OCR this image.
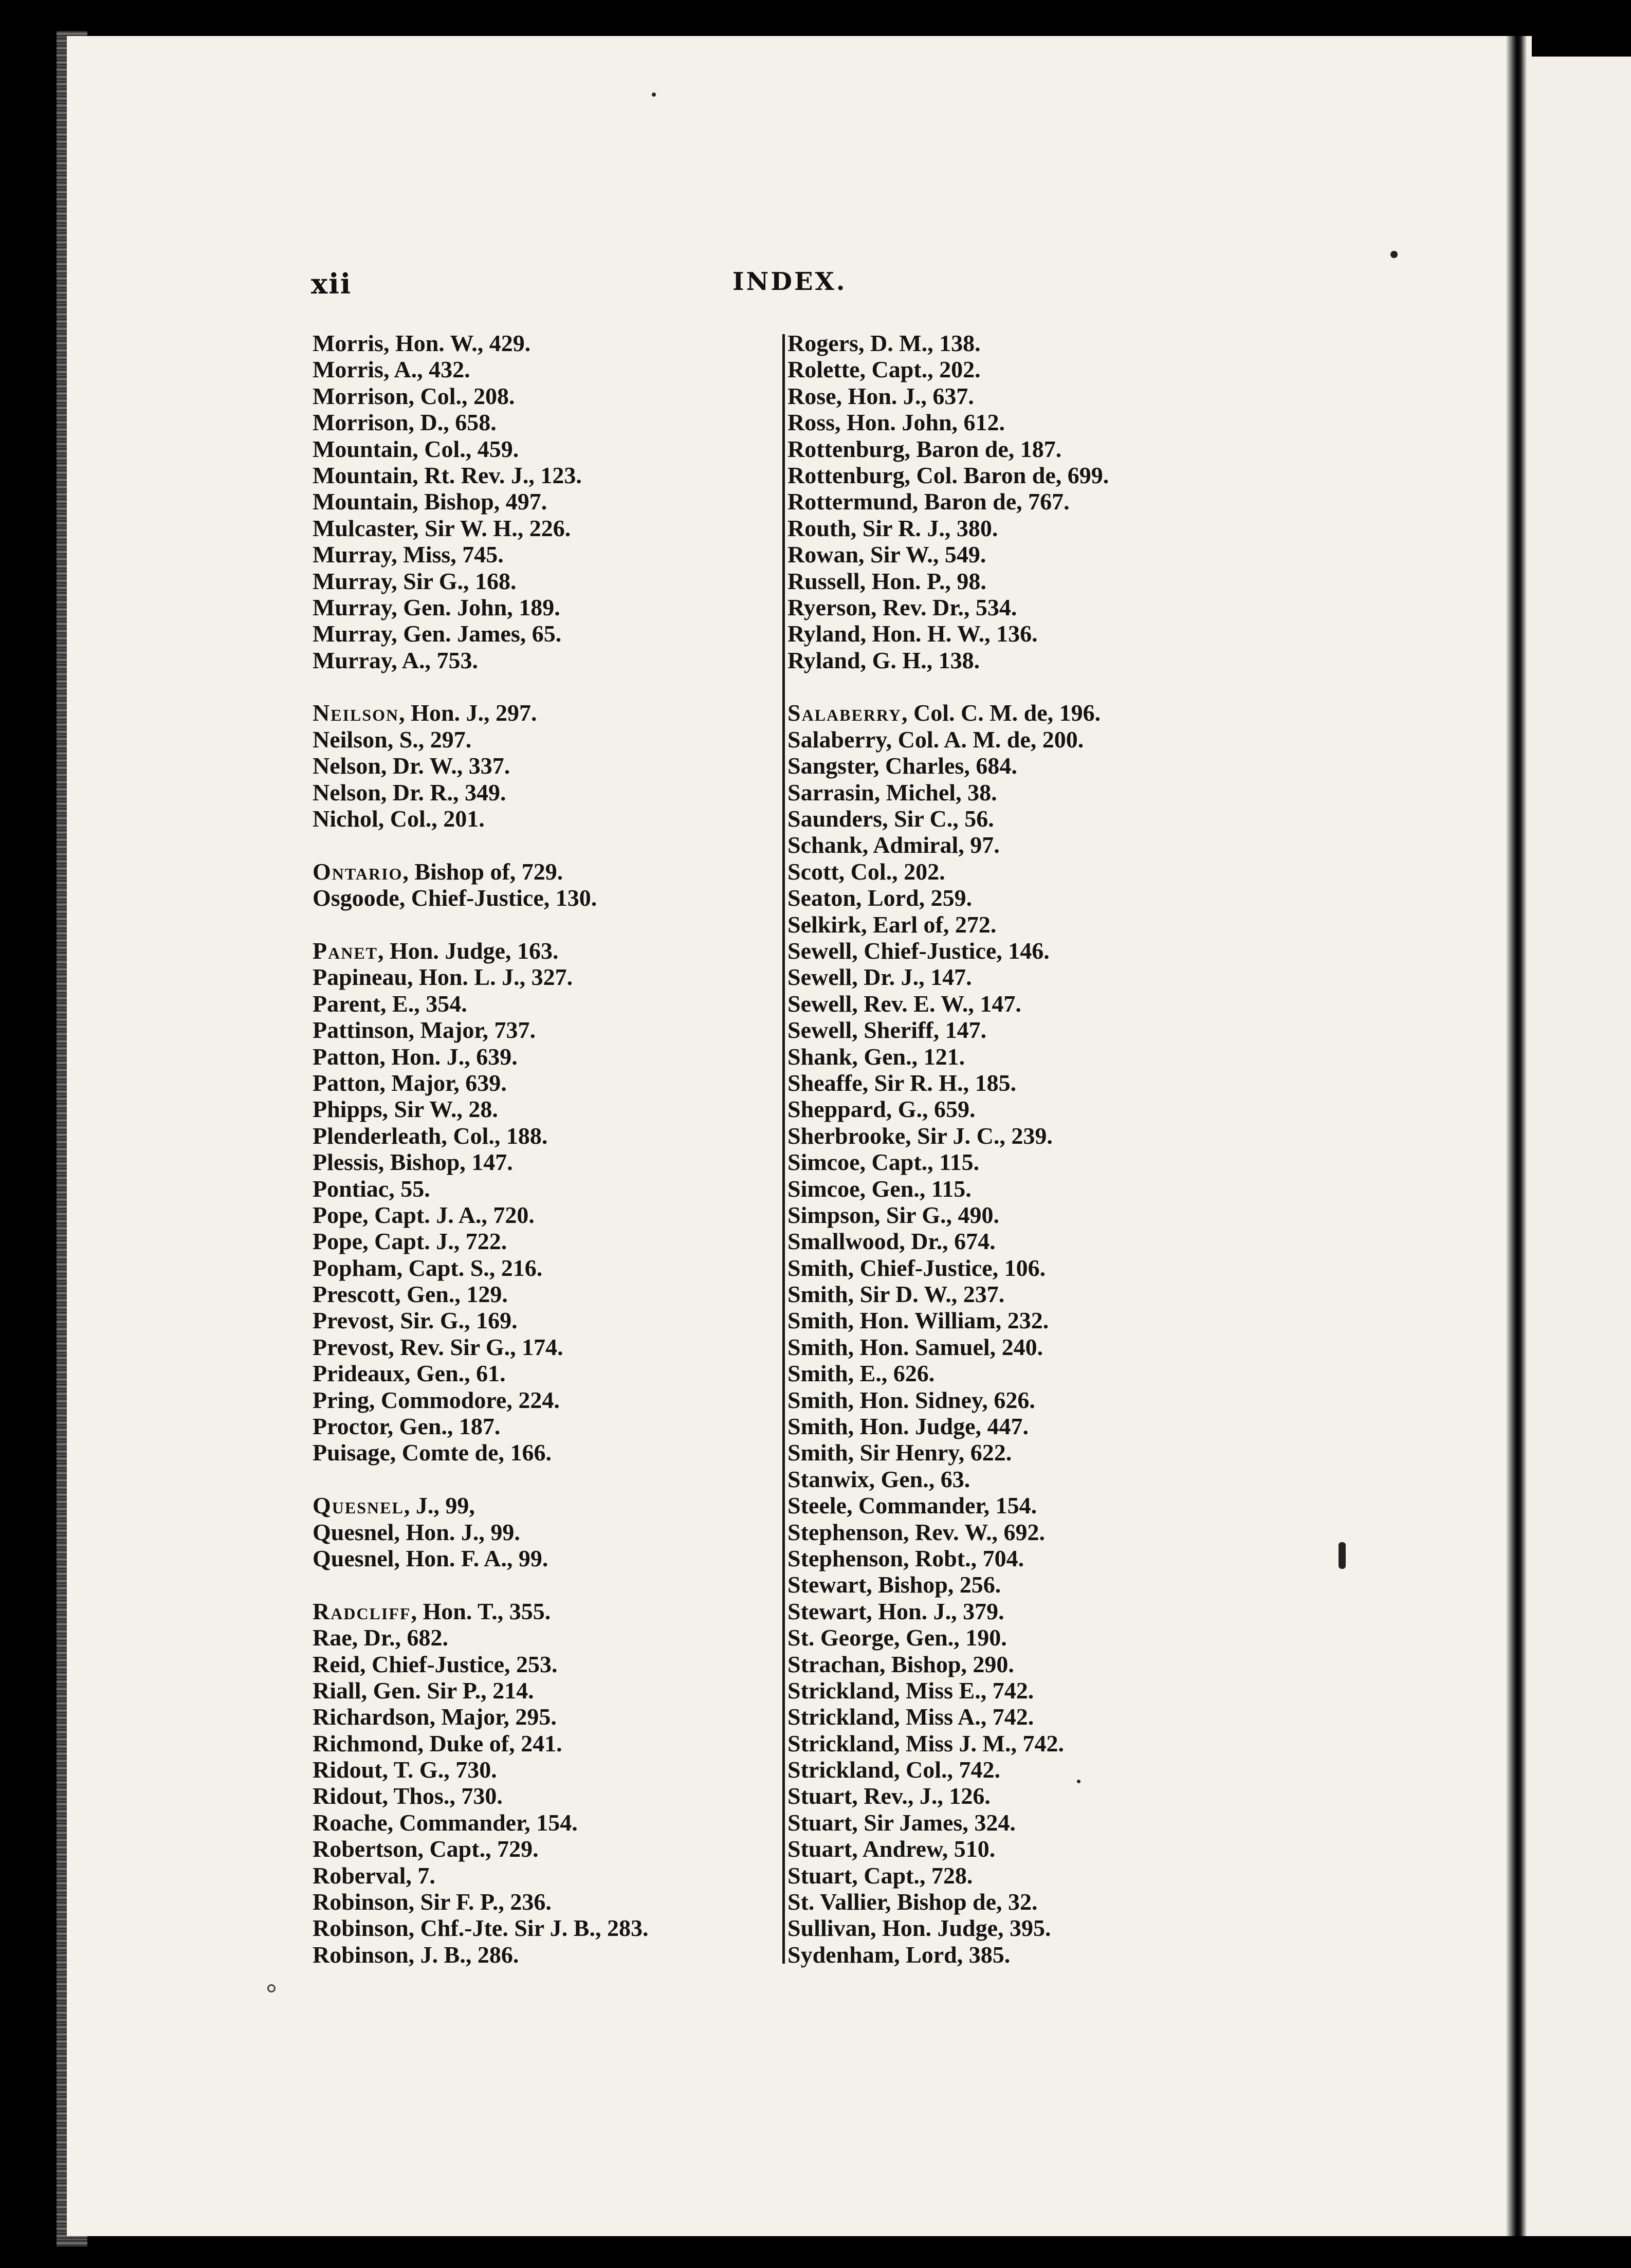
xii	INDEX.
Morris, Hon. W., 429.
Morris, A., 432.
Morrison, Col., 208.
Morrison, D., 658.
Mountain, Col., 459.
Mountain, Rt. Rev. J., 123.
Mountain, Bishop, 497.
Mulcaster, Sir W. H., 226.
Murray, Miss, 745.
Murray, Sir G., 168.
Murray, Gen. John, 189.
Murray, Gen. James, 65.
Murray, A., 753.
Neilson, Hon. J., 297.
Neilson, S., 297.
Nelson, Dr. W., 337.
Nelson, Dr. R., 349.
Nichol, Col., 201.
Ontario, Bishop of, 729.
Osgoode, Chief-Justice, 130.
Panet, Hon. Judge, 163.
Papineau, Hon. L. J., 327.
Parent, E., 354.
Pattinson, Major, 737.
Patton, Hon. J., 639.
Patton, Major, 639.
Phipps, Sir W., 28.
Plenderleath, Col., 188.
Plessis, Bishop, 147.
Pontiac, 55.
Pope, Capt. J. A., 720.
Pope, Capt. J., 722.
Popham, Capt. S., 216.
Prescott, Gen., 129.
Prevost, Sir. G., 169.
Prevost, Rev. Sir G., 174.
Prideaux, Gen., 61.
Pring, Commodore, 224.
Proctor, Gen., 187.
Puisage, Comte de, 166.
Quesnel, J., 99,
Quesnel, Hon. J., 99.
Quesnel, Hon. F. A., 99.
Radcliff, Hon. T., 355.
Rae, Dr., 682.
Reid, Chief-Justice, 253.
Riall, Gen. Sir P., 214.
Richardson, Major, 295.
Richmond, Duke of, 241.
Ridout, T. G., 730.
Ridout, Thos., 730.
Roache, Commander, 154.
Robertson, Capt., 729.
Roberval, 7.
Robinson, Sir F. P., 236.
Robinson, Chf.-Jte. Sir J. B., 283.
Robinson, J. B., 286.
Rogers, D. M., 138.
Rolette, Capt., 202.
Rose, Hon. J., 637.
Ross, Hon. John, 612.
Rottenburg, Baron de, 187.
Rottenburg, Col. Baron de, 699.
Rottermund, Baron de, 767.
Routh, Sir R. J., 380.
Rowan, Sir W., 549.
Russell, Hon. P., 98.
Ryerson, Rev. Dr., 534.
Ryland, Hon. H. W., 136.
Ryland, G. H., 138.
Salaberry, Col. C. M. de, 196.
Salaberry, Col. A. M. de, 200.
Sangster, Charles, 684.
Sarrasin, Michel, 38.
Saunders, Sir C., 56.
Schank, Admiral, 97.
Scott, Col., 202.
Seaton, Lord, 259.
Selkirk, Earl of, 272.
Sewell, Chief-Justice, 146.
Sewell, Dr. J., 147.
Sewell, Rev. E. W., 147.
Sewell, Sheriff, 147.
Shank, Gen., 121.
Sheaffe, Sir R. H., 185.
Sheppard, G., 659.
Sherbrooke, Sir J. C., 239.
Simcoe, Capt., 115.
Simcoe, Gen., 115.
Simpson, Sir G., 490.
Smallwood, Dr., 674.
Smith, Chief-Justice, 106.
Smith, Sir D. W., 237.
Smith, Hon. William, 232.
Smith, Hon. Samuel, 240.
Smith, E., 626.
Smith, Hon. Sidney, 626.
Smith, Hon. Judge, 447.
Smith, Sir Henry, 622.
Stanwix, Gen., 63.
Steele, Commander, 154.
Stephenson, Rev. W., 692.
Stephenson, Robt., 704.
Stewart, Bishop, 256.
Stewart, Hon. J., 379.
St. George, Gen., 190.
Strachan, Bishop, 290.
Strickland, Miss E., 742.
Strickland, Miss A., 742.
Strickland, Miss J. M., 742.
Strickland, Col., 742.
Stuart, Rev., J., 126.
Stuart, Sir James, 324.
Stuart, Andrew, 510.
Stuart, Capt., 728.
St. Vallier, Bishop de, 32.
Sullivan, Hon. Judge, 395.
Sydenham, Lord, 385.
